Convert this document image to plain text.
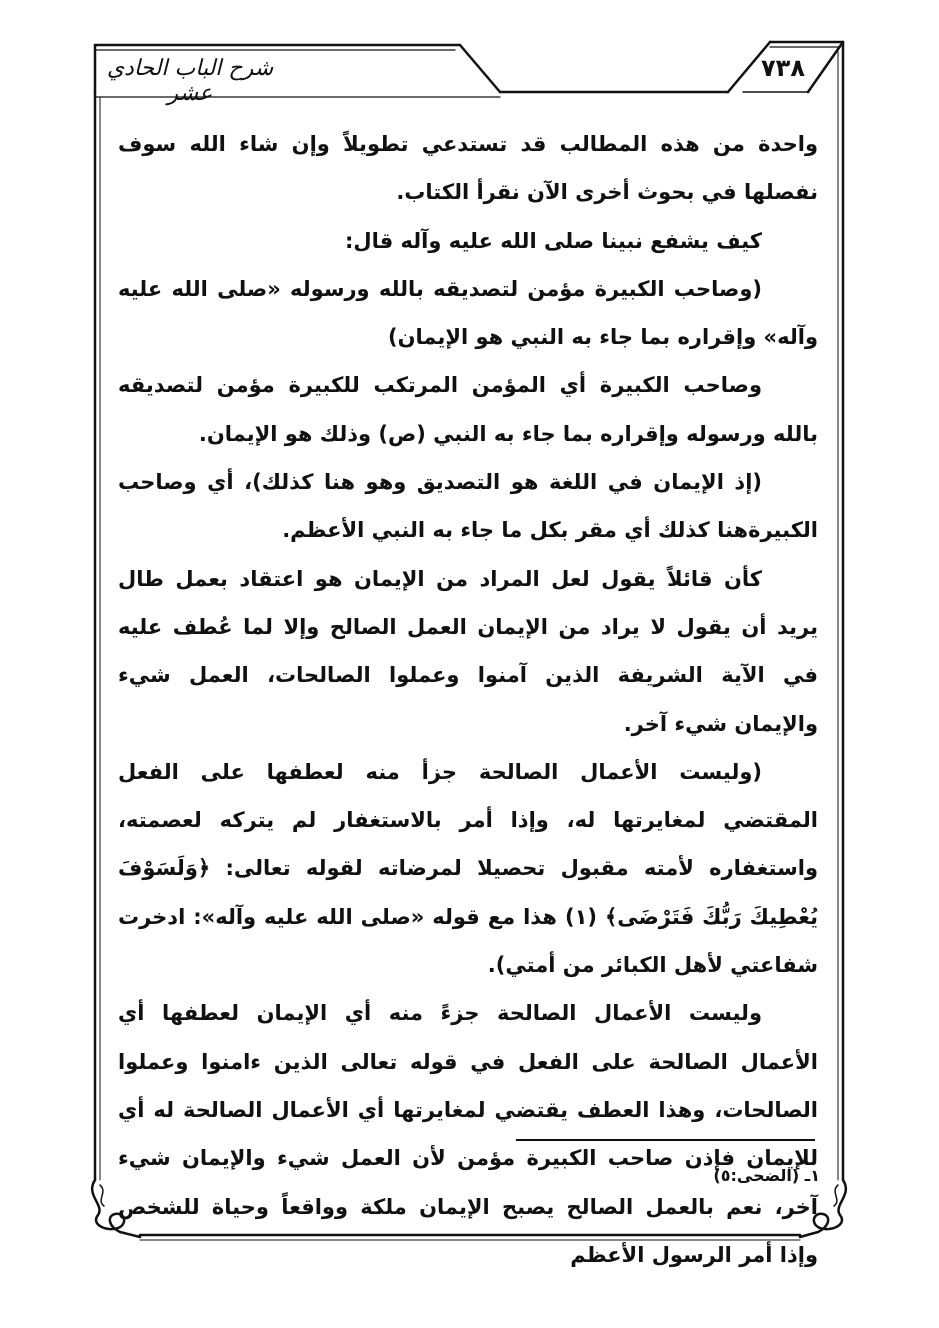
شرح الباب الحادي عشر
٧٣٨

واحدة من هذه المطالب قد تستدعي تطويلاً وإن شاء الله سوف نفصلها في بحوث أخرى الآن نقرأ الكتاب.

كيف يشفع نبينا صلى الله عليه وآله قال:

(وصاحب الكبيرة مؤمن لتصديقه بالله ورسوله «صلى الله عليه وآله» وإقراره بما جاء به النبي هو الإيمان)

وصاحب الكبيرة أي المؤمن المرتكب للكبيرة مؤمن لتصديقه بالله ورسوله وإقراره بما جاء به النبي (ص) وذلك هو الإيمان.

(إذ الإيمان في اللغة هو التصديق وهو هنا كذلك)، أي وصاحب الكبيرةهنا كذلك أي مقر بكل ما جاء به النبي الأعظم.

كأن قائلاً يقول لعل المراد من الإيمان هو اعتقاد بعمل طال يريد أن يقول لا يراد من الإيمان العمل الصالح وإلا لما عُطف عليه في الآية الشريفة الذين آمنوا وعملوا الصالحات، العمل شيء والإيمان شيء آخر.

(وليست الأعمال الصالحة جزأ منه لعطفها على الفعل المقتضي لمغايرتها له، وإذا أمر بالاستغفار لم يتركه لعصمته، واستغفاره لأمته مقبول تحصيلا لمرضاته لقوله تعالى: ﴿وَلَسَوْفَ يُعْطِيكَ رَبُّكَ فَتَرْضَى﴾ (١) هذا مع قوله «صلى الله عليه وآله»: ادخرت شفاعتي لأهل الكبائر من أمتي).

وليست الأعمال الصالحة جزءً منه أي الإيمان لعطفها أي الأعمال الصالحة على الفعل في قوله تعالى الذين ءامنوا وعملوا الصالحات، وهذا العطف يقتضي لمغايرتها أي الأعمال الصالحة له أي للإيمان فإذن صاحب الكبيرة مؤمن لأن العمل شيء والإيمان شيء آخر، نعم بالعمل الصالح يصبح الإيمان ملكة وواقعاً وحياة للشخص وإذا أمر الرسول الأعظم

١ـ (الضحى:٥)
